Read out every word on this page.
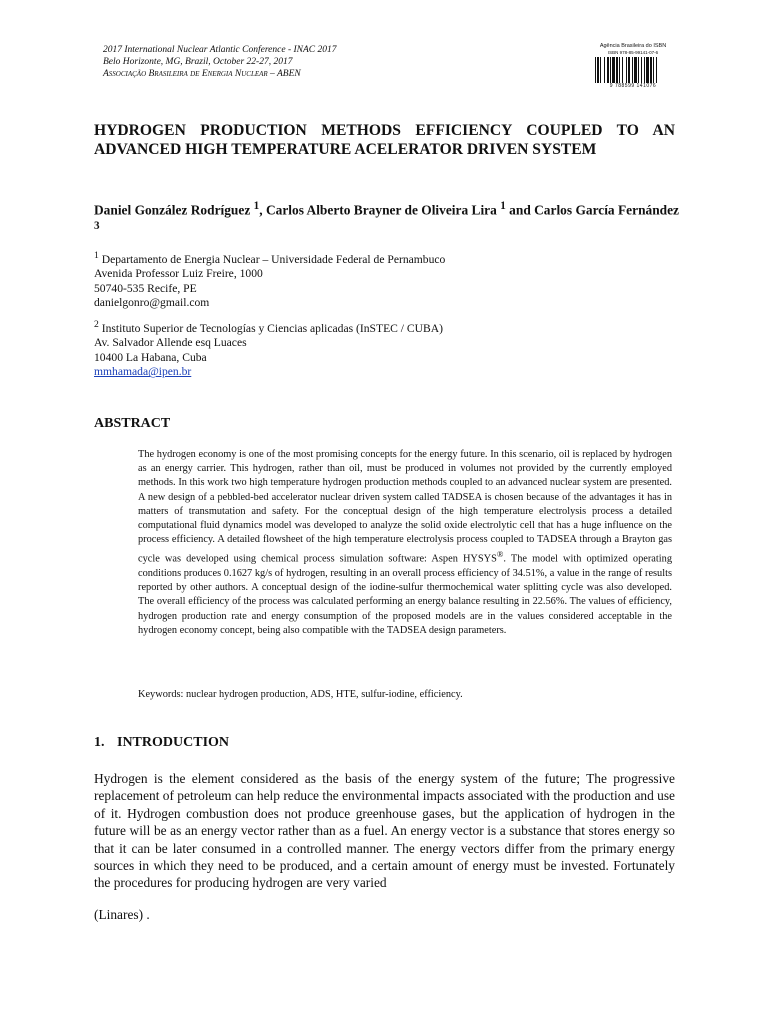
2017 International Nuclear Atlantic Conference - INAC 2017
Belo Horizonte, MG, Brazil, October 22-27, 2017
Associação Brasileira de Energia Nuclear – ABEN
Agência Brasileira do ISBN
ISBN 978-85-99141-07-6
9 788599 141076
HYDROGEN PRODUCTION METHODS EFFICIENCY COUPLED TO AN ADVANCED HIGH TEMPERATURE ACELERATOR DRIVEN SYSTEM
Daniel González Rodríguez $^1$, Carlos Alberto Brayner de Oliveira Lira $^1$ and Carlos García Fernández $^3$
$^1$ Departamento de Energia Nuclear – Universidade Federal de Pernambuco
Avenida Professor Luiz Freire, 1000
50740-535 Recife, PE
danielgonro@gmail.com
$^2$ Instituto Superior de Tecnologías y Ciencias aplicadas (InSTEC / CUBA)
Av. Salvador Allende esq Luaces
10400 La Habana, Cuba
mmhamada@ipen.br
ABSTRACT

The hydrogen economy is one of the most promising concepts for the energy future. In this scenario, oil is replaced by hydrogen as an energy carrier. This hydrogen, rather than oil, must be produced in volumes not provided by the currently employed methods. In this work two high temperature hydrogen production methods coupled to an advanced nuclear system are presented. A new design of a pebbled-bed accelerator nuclear driven system called TADSEA is chosen because of the advantages it has in matters of transmutation and safety. For the conceptual design of the high temperature electrolysis process a detailed computational fluid dynamics model was developed to analyze the solid oxide electrolytic cell that has a huge influence on the process efficiency. A detailed flowsheet of the high temperature electrolysis process coupled to TADSEA through a Brayton gas cycle was developed using chemical process simulation software: Aspen HYSYS®. The model with optimized operating conditions produces 0.1627 kg/s of hydrogen, resulting in an overall process efficiency of 34.51%, a value in the range of results reported by other authors. A conceptual design of the iodine-sulfur thermochemical water splitting cycle was also developed. The overall efficiency of the process was calculated performing an energy balance resulting in 22.56%. The values of efficiency, hydrogen production rate and energy consumption of the proposed models are in the values considered acceptable in the hydrogen economy concept, being also compatible with the TADSEA design parameters.

Keywords: nuclear hydrogen production, ADS, HTE, sulfur-iodine, efficiency.

1. INTRODUCTION

Hydrogen is the element considered as the basis of the energy system of the future; The progressive replacement of petroleum can help reduce the environmental impacts associated with the production and use of it. Hydrogen combustion does not produce greenhouse gases, but the application of hydrogen in the future will be as an energy vector rather than as a fuel. An energy vector is a substance that stores energy so that it can be later consumed in a controlled manner. The energy vectors differ from the primary energy sources in which they need to be produced, and a certain amount of energy must be invested. Fortunately the procedures for producing hydrogen are very varied

(Linares) .
